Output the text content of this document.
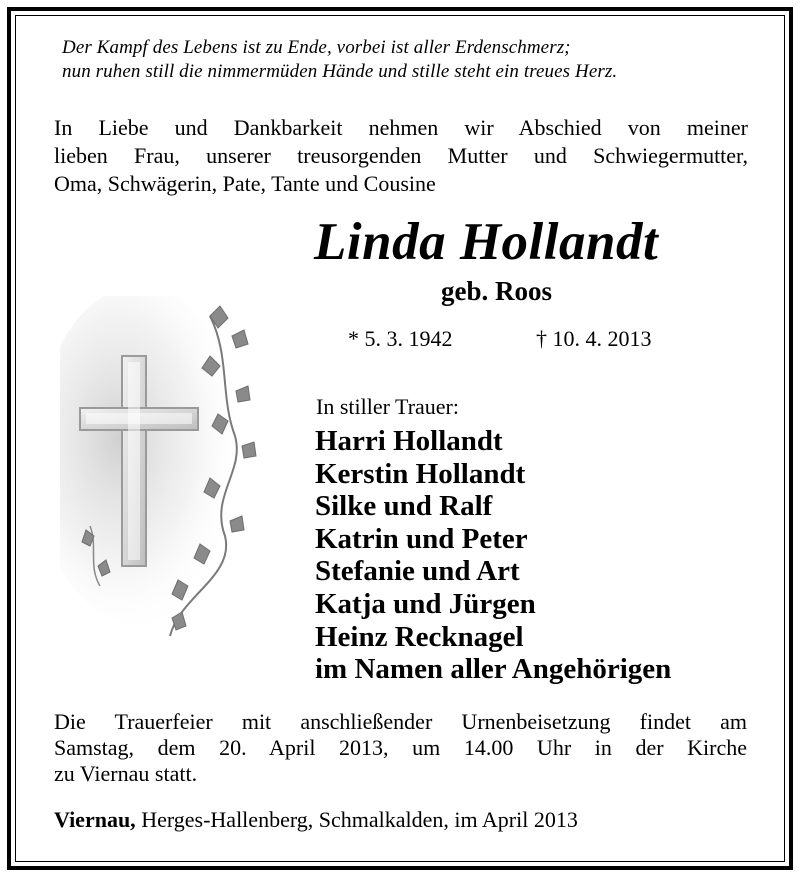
Der Kampf des Lebens ist zu Ende, vorbei ist aller Erdenschmerz;
nun ruhen still die nimmermüden Hände und stille steht ein treues Herz.
In Liebe und Dankbarkeit nehmen wir Abschied von meiner
lieben Frau, unserer treusorgenden Mutter und Schwiegermutter,
Oma, Schwägerin, Pate, Tante und Cousine
Linda Hollandt
geb. Roos
* 5. 3. 1942	† 10. 4. 2013
In stiller Trauer:
Harri Hollandt
Kerstin Hollandt
Silke und Ralf
Katrin und Peter
Stefanie und Art
Katja und Jürgen
Heinz Recknagel
im Namen aller Angehörigen
Die Trauerfeier mit anschließender Urnenbeisetzung findet am
Samstag, dem 20. April 2013, um 14.00 Uhr in der Kirche
zu Viernau statt.
Viernau, Herges-Hallenberg, Schmalkalden, im April 2013
